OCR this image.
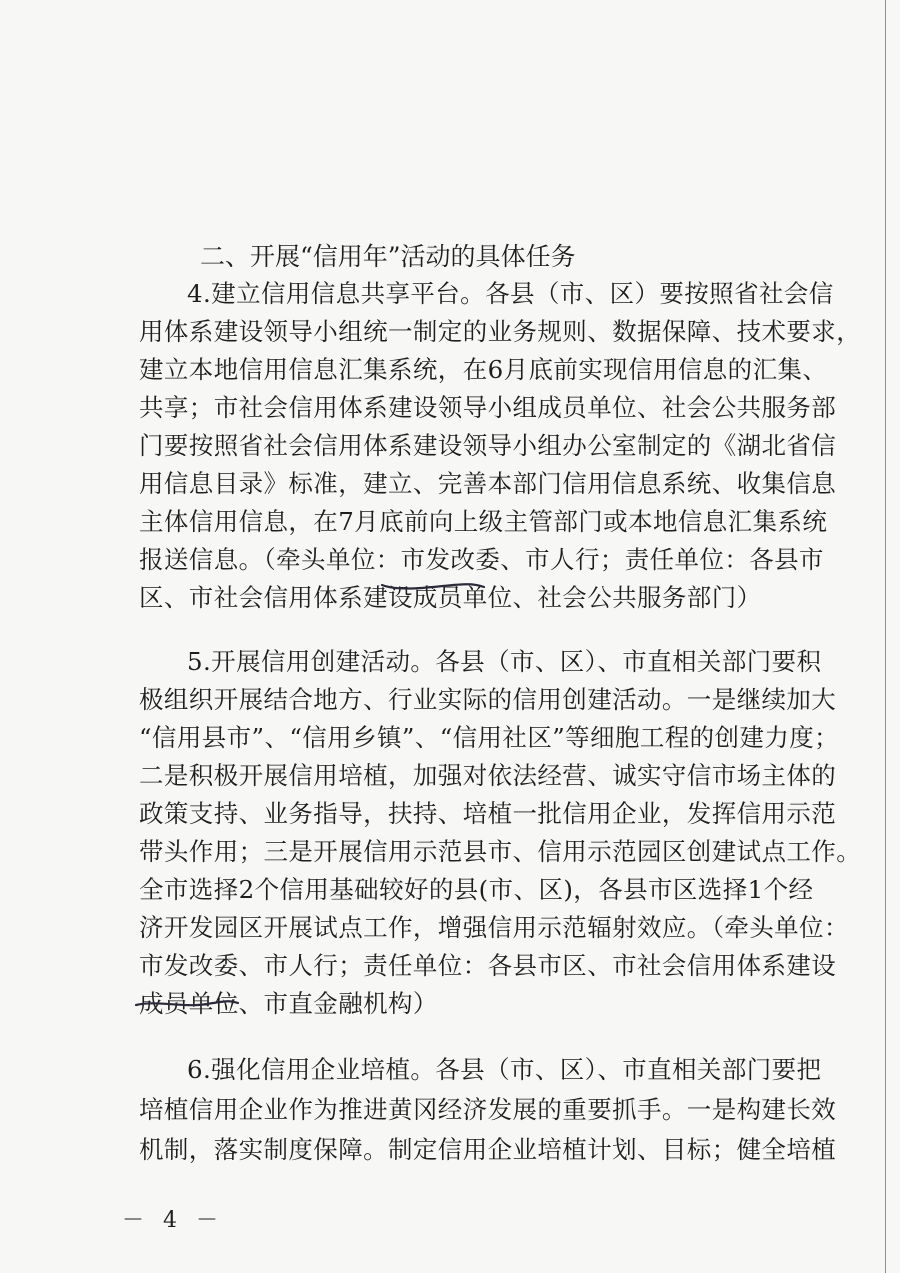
二、开展“信用年”活动的具体任务
4.建立信用信息共享平台。各县（市、区）要按照省社会信
用体系建设领导小组统一制定的业务规则、数据保障、技术要求，
建立本地信用信息汇集系统，在6月底前实现信用信息的汇集、
共享；市社会信用体系建设领导小组成员单位、社会公共服务部
门要按照省社会信用体系建设领导小组办公室制定的《湖北省信
用信息目录》标准，建立、完善本部门信用信息系统、收集信息
主体信用信息，在7月底前向上级主管部门或本地信息汇集系统
报送信息。（牵头单位：市发改委、市人行；责任单位：各县市
区、市社会信用体系建设成员单位、社会公共服务部门）
5.开展信用创建活动。各县（市、区）、市直相关部门要积
极组织开展结合地方、行业实际的信用创建活动。一是继续加大
“信用县市”、“信用乡镇”、“信用社区”等细胞工程的创建力度；
二是积极开展信用培植，加强对依法经营、诚实守信市场主体的
政策支持、业务指导，扶持、培植一批信用企业，发挥信用示范
带头作用；三是开展信用示范县市、信用示范园区创建试点工作。
全市选择2个信用基础较好的县(市、区)，各县市区选择1个经
济开发园区开展试点工作，增强信用示范辐射效应。（牵头单位：
市发改委、市人行；责任单位：各县市区、市社会信用体系建设
成员单位、市直金融机构）
6.强化信用企业培植。各县（市、区）、市直相关部门要把
培植信用企业作为推进黄冈经济发展的重要抓手。一是构建长效
机制，落实制度保障。制定信用企业培植计划、目标；健全培植
－ 4 －
